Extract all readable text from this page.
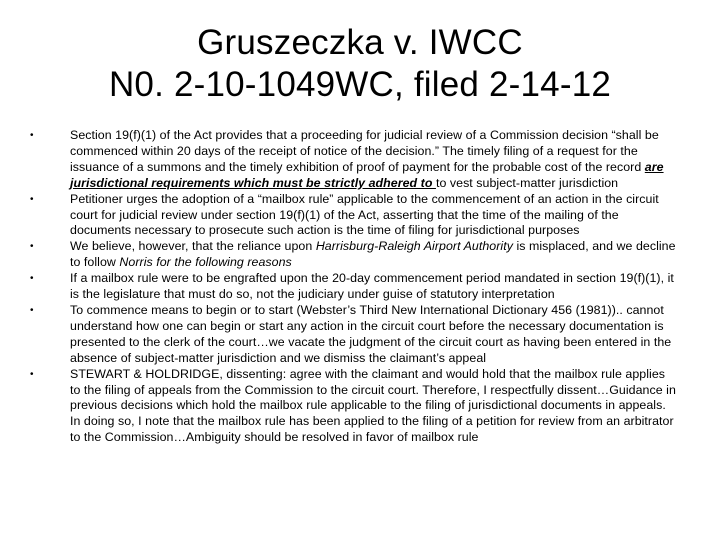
Gruszeczka v. IWCC
N0. 2-10-1049WC, filed 2-14-12
•	Section 19(f)(1) of the Act provides that a proceeding for judicial review of a Commission decision “shall be commenced within 20 days of the receipt of notice of the decision.” The timely filing of a request for the issuance of a summons and the timely exhibition of proof of payment for the probable cost of the record are jurisdictional requirements which must be strictly adhered to to vest subject-matter jurisdiction
•	Petitioner urges the adoption of a “mailbox rule” applicable to the commencement of an action in the circuit court for judicial review under section 19(f)(1) of the Act, asserting that the time of the mailing of the documents necessary to prosecute such action is the time of filing for jurisdictional purposes
•	We believe, however, that the reliance upon Harrisburg-Raleigh Airport Authority is misplaced, and we decline to follow Norris for the following reasons
•	If a mailbox rule were to be engrafted upon the 20-day commencement period mandated in section 19(f)(1), it is the legislature that must do so, not the judiciary under guise of statutory interpretation
•	To commence means to begin or to start (Webster’s Third New International Dictionary 456 (1981)).. cannot understand how one can begin or start any action in the circuit court before the necessary documentation is presented to the clerk of the court…we vacate the judgment of the circuit court as having been entered in the absence of subject-matter jurisdiction and we dismiss the claimant’s appeal
•	STEWART & HOLDRIDGE, dissenting: agree with the claimant and would hold that the mailbox rule applies to the filing of appeals from the Commission to the circuit court. Therefore, I respectfully dissent…Guidance in previous decisions which hold the mailbox rule applicable to the filing of jurisdictional documents in appeals. In doing so, I note that the mailbox rule has been applied to the filing of a petition for review from an arbitrator to the Commission…Ambiguity should be resolved in favor of mailbox rule
